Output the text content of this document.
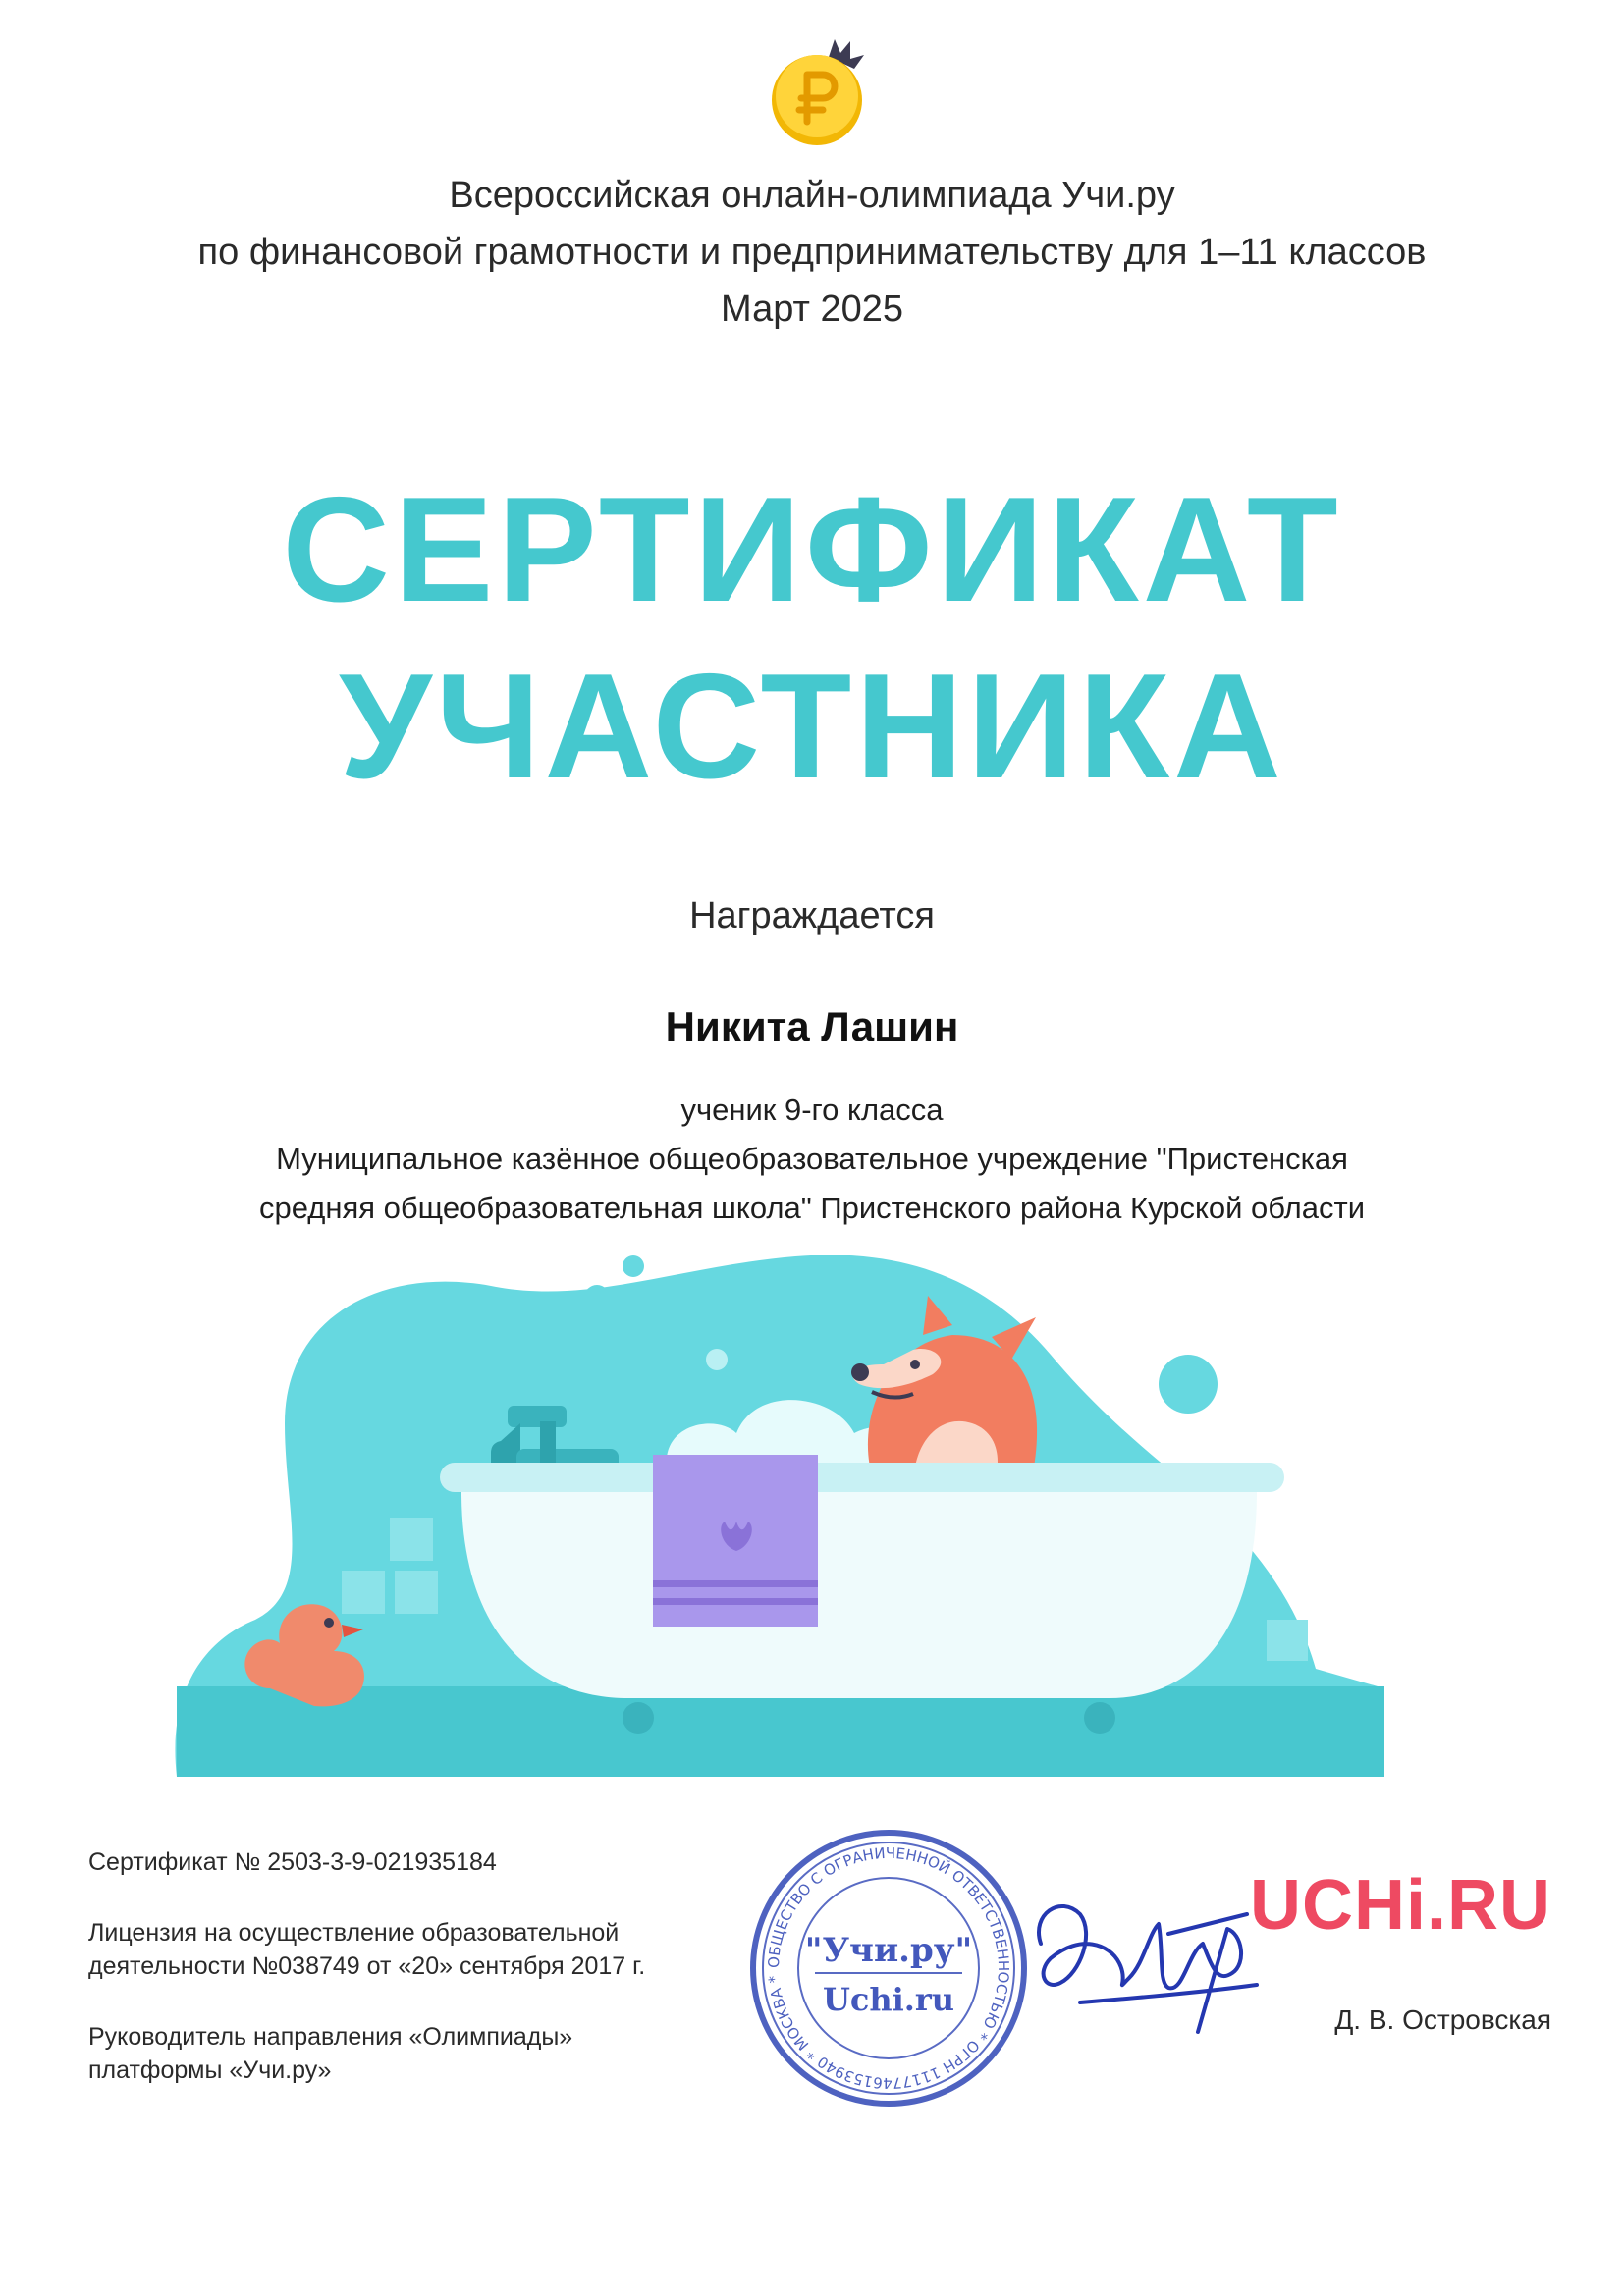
Всероссийская онлайн-олимпиада Учи.ру
по финансовой грамотности и предпринимательству для 1–11 классов
Март 2025
СЕРТИФИКАТ
УЧАСТНИКА
Награждается
Никита Лашин
ученик 9-го класса
Муниципальное казённое общеобразовательное учреждение "Пристенская
средняя общеобразовательная школа" Пристенского района Курской области
Сертификат № 2503-3-9-021935184
Лицензия на осуществление образовательной
деятельности №038749 от «20» сентября 2017 г.
Руководитель направления «Олимпиады»
платформы «Учи.ру»
ОБЩЕСТВО С ОГРАНИЧЕННОЙ ОТВЕТСТВЕННОСТЬЮ * ОГРН 1117746153940 * МОСКВА *
"Учи.ру"
Uchi.ru
UCHi.RU
Д. В. Островская
